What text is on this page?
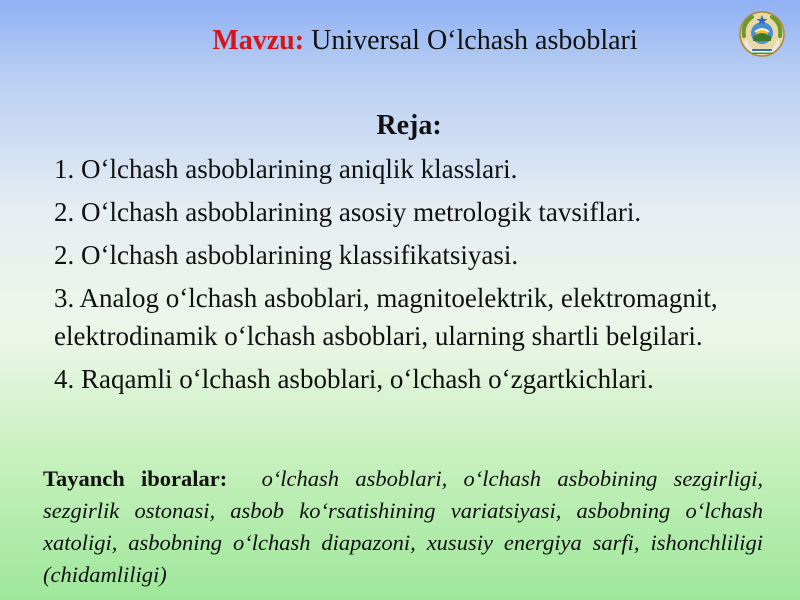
Mavzu: Universal O‘lchash asboblari
Reja:
1. O‘lchash asboblarining aniqlik klasslari.
2. O‘lchash asboblarining asosiy metrologik tavsiflari.
2. O‘lchash asboblarining klassifikatsiyasi.
3. Analog o‘lchash asboblari, magnitoelektrik, elektromagnit, elektrodinamik o‘lchash asboblari, ularning shartli belgilari.
4. Raqamli o‘lchash asboblari, o‘lchash o‘zgartkichlari.
Tayanch iboralar: o‘lchash asboblari, o‘lchash asbobining sezgirligi, sezgirlik ostonasi, asbob ko‘rsatishining variatsiyasi, asbobning o‘lchash xatoligi, asbobning o‘lchash diapazoni, xususiy energiya sarfi, ishonchliligi (chidamliligi)
